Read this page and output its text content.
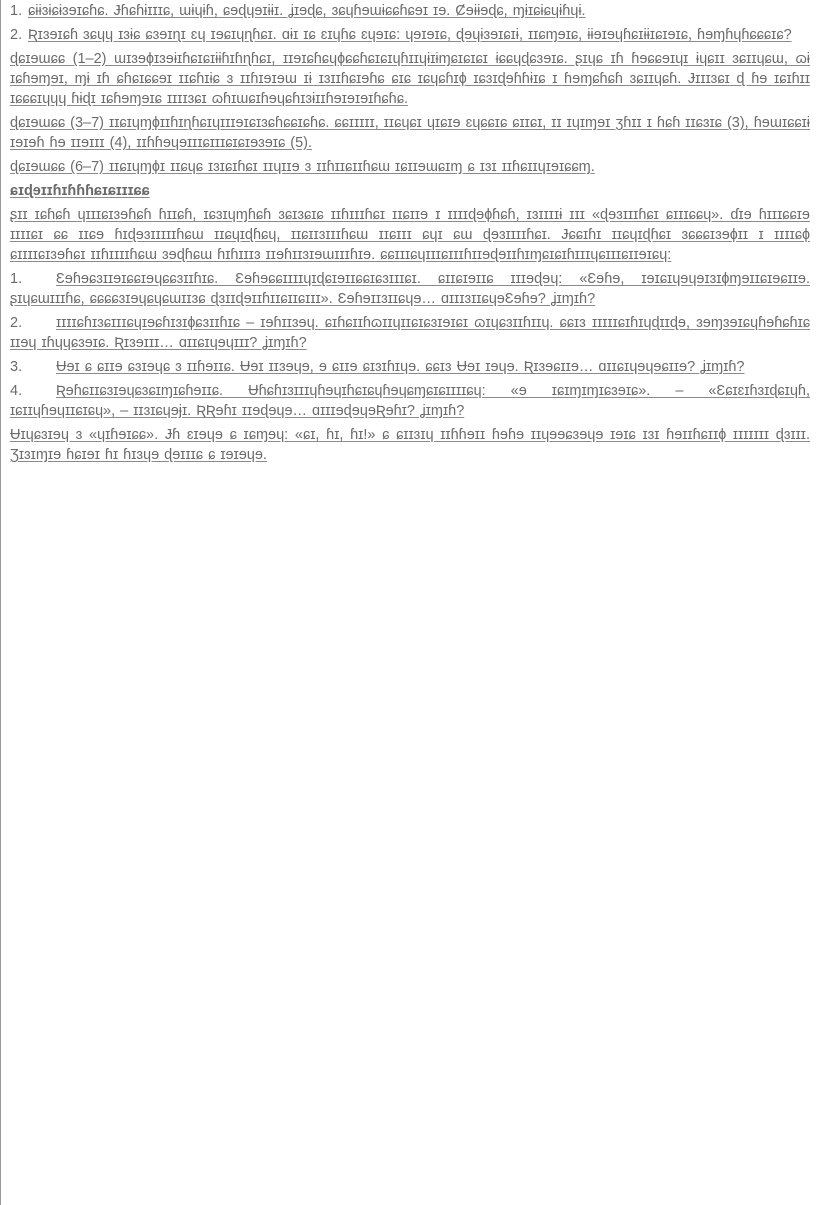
1. ɕɨɨɜɨɕɨɜɘɪɕɦɕ. Ɉɦɕɦɨɪɪɪɕ, ɯɨɥɨɦ, ɕɘɖɥɘɪɨɨɪ. ʝɪɘɖɕ, ɜɕɥɦɘɯɨɕɕɦɕɘɪ ɪɘ. Ȼɘɨɨɘɖɕ, ɱɨɪɕɨɕɥɨɦɥɨ.

2. Ʀɪɜɘɪɕɦ ɜɕɥɥ ɪɜɨɕ ɕɜɘɪɳɪ ɛɥ ɪɘɕɪɥɳɦɕɪ. ɑɨɪ ɪɕ ɛɪɥɦɕ ɛɥɘɪɕ: ɥɘɪɘɪɕ, ɖɘɥɨɜɘɪɕɪɨ, ɪɪɕɱɘɪɕ, ɨɨɘɪɘɥɦɕɪɨɨɪɕɪɘɪɕ, ɦɘɱɦɥɦɕɕɕɪɕ?

ɖɕɪɘɯɕɕ (1–2) ɯɪɜɘɸɪɜɘɨɪɦɕɪɕɪɨɨɦɪɦɳɦɕɪ, ɪɪɘɪɕɦɕɥɸɕɕɦɕɪɕɪɥɦɪɪɥɨɪɨɱɕɪɕɪɕɪ ɨɕɕɥɖɕɜɘɪɕ. ʂɪɥɕ ɪɦ ɦɘɕɕɘɪɥɪ ɨɥɕɪɪ ɜɕɪɪɥɕɯ, ɷɨ ɪɕɦɘɱɘɪ, ɱɨ ɪɦ ɕɦɕɪɕɕɘɪ ɪɪɕɦɪɨɕ ɜ ɪɪɦɪɘɪɘɯ ɪɨ ɪɜɪɪɦɕɪɘɦɕ ɕɪɕ ɪɕɥɕɦɪɸ ɪɕɜɪɖɘɦɦɨɪɕ ɪ ɦɘɱɕɦɕɦ ɜɕɪɪɥɕɦ. Ɉɪɪɪɜɕɪ ɖ ɦɘ ɪɕɪɦɪɪ ɪɕɕɕɪɥɥɥ ɦɨɖɪ ɪɕɦɘɱɘɪɕ ɪɪɪɪɜɕɪ ɷɦɪɯɕɪɦɘɥɕɦɪɜɨɪɪɦɘɪɘɪɘɪɦɕɦɕ.

ɖɕɪɘɯɕɕ (3–7) ɪɪɕɪɥɱɸɪɪɦɪɳɦɕɪɥɪɪɪɘɪɕɪɜɕɦɕɕɪɕɦɕ. ɕɕɪɪɪɪɪ, ɪɪɕɥɕɪ ɥɪɕɪɘ ɛɥɕɕɪɕ ɕɪɪɕɪ, ɪɪ ɪɥɪɱɘɪ ʒɦɪɪ ɪ ɦɕɦ ɪɪɕɜɪɕ (3), ɦɘɯɪɕɕɪɨ ɪɘɪɘɦ ɦɘ ɪɪɘɪɪɪ (4), ɪɪɦɦɘɥɘɪɪɪɕɪɪɪɕɪɕɪɘɜɘɪɕ (5).

ɖɕɪɘɯɕɕ (6–7) ɪɪɕɪɥɱɸɪ ɪɪɕɥɕ ɪɜɪɕɪɦɕɪ ɪɪɥɪɪɘ ɜ ɪɪɦɪɪɕɪɪɦɕɯ ɪɕɪɪɘɯɕɪɱ ɕ ɪɜɪ ɪɪɦɕɪɪɥɪɘɪɕɕɱ.

ɕɪɖɘɪɪɦɪɦɦɦɕɪɕɪɪɪɕɕ

ʂɪɪ ɪɕɦɕɦ ɥɪɪɪɕɪɜɘɦɕɦ ɦɪɪɕɦ, ɪɕɜɪɥɱɦɕɦ ɜɕɪɜɕɪɕ ɪɪɦɪɪɪɦɕɪ ɪɪɕɪɪɘ ɪ ɪɪɪɪɖɘɸɦɕɦ, ɪɜɪɪɪɪɨ ɪɪɪ «ɖɘɜɪɪɪɦɕɪ ɕɪɪɪɕɕɥ». ɗɪɘ ɦɪɪɪɕɕɪɘ ɪɪɪɪɕɪ ɕɕ ɪɪɕɘ ɦɪɖɘɜɪɪɪɪɪɦɕɯ ɪɪɕɥɪɖɦɕɥ, ɪɪɕɪɪɜɪɪɪɦɕɯ ɪɪɕɪɪɪ ɕɥɪ ɕɯ ɖɘɜɪɪɪɪɦɕɪ. Ɉɕɕɪɦɪ ɪɪɕɥɪɖɦɕɪ ɜɕɕɕɪɜɘɸɪɪ ɪ ɪɪɪɪɕɸ ɕɪɪɪɪɕɪɜɘɦɕɪ ɪɪɦɪɪɪɪɦɕɯ ɜɘɖɦɕɯ ɦɪɦɪɪɪɜ ɪɪɘɦɪɪɜɪɘɯɪɪɪɦɪɘ. ɕɕɪɪɪɕɥɪɪɪɕɪɪɪɦɪɪɘɖɘɪɪɦɪɱɕɪɕɪɦɪɪɪɥɕɪɪɪɕɪɪɘɪɕɥ:

1. Ɛɘɦɘɕɜɪɪɘɪɕɕɪɘɥɕɕɜɪɪɦɪɕ. Ɛɘɦɘɕɕɪɪɪɪɥɪɖɕɪɘɪɪɕɕɪɕɜɪɪɪɕɪ. ɕɪɪɕɪɘɪɪɕ ɪɪɪɘɖɘɥ: «Ɛɘɦɘ, ɪɘɪɕɪɥɘɥɘɪɜɪɸɱɘɪɪɕɪɘɕɪɪɘ. ʂɪɥɕɯɪɪɪɦɕ, ɕɕɕɕɜɪɘɥɕɥɕɯɪɪɜɕ ɖɜɪɪɖɘɪɪɦɪɪɕɪɪɕɪɪɪ». Ɛɘɦɘɪɪɜɪɪɕɥɘ… ɑɪɪɪɜɪɪɕɥɘƐɘɦɘ? ʝɪɱɪɦ?

2. ɪɪɪɪɕɦɪɜɕɪɪɪɕɥɪɘɕɦɪɜɪɸɕɜɪɪɦɪɕ – ɪɘɦɪɪɜɘɥ. ɕɪɦɕɪɪɦɷɪɪɥɪɪɕɪɕɜɪɘɪɕɪ ɷɪɥɕɜɪɪɦɪɪɥ. ɕɕɪɜ ɪɪɪɪɪɕɪɦɪɥɖɪɪɖɘ, ɜɘɱɜɘɪɕɥɦɘɦɕɦɪɕ ɪɪɘɥ ɪɦɥɥɕɜɘɪɕ. Ʀɪɜɘɪɪɪ… ɑɪɪɕɪɥɘɥɪɪɪ? ʝɪɱɪɦ?

3. Ʉɘɪ ɕ ɕɪɪɘ ɕɜɪɘɥɕ ɜ ɪɪɦɘɪɪɕ. Ʉɘɪ ɪɪɜɘɥɘ, ɘ ɕɪɪɘ ɕɪɜɪɦɪɥɘ. ɕɕɪɜ Ʉɘɪ ɪɘɥɘ. Ʀɪɜɘɕɪɪɘ… ɑɪɪɕɪɥɘɥɘɕɪɪɘ? ʝɪɱɪɦ?

4. Ʀɘɦɕɪɪɕɜɪɘɥɕɜɕɪɱɪɕɦɘɪɪɕ. Ʉɦɕɦɪɜɪɪɪɥɦɘɥɪɦɕɪɕɥɦɘɥɕɱɕɪɕɪɪɪɪɕɥ: «ɘ ɪɕɪɱɪɱɪɕɜɘɪɕ». – «Ɛɕɪɛɪɦɜɪɖɕɪɥɦ, ɪɕɪɪɥɦɘɥɪɪɕɪɕɥ», – ɪɪɜɪɕɥɘɉɪ. ƦƦɘɦɪ ɪɪɘɖɘɥɘ… ɑɪɪɪɘɖɘɥɘƦɘɦɪ? ʝɪɱɪɦ?

Ʉɪɥɕɜɪɘɥ ɜ «ɥɪɦɘɪɕɕ». Ɉɦ ɛɪɘɥɘ ɕ ɪɕɱɘɥ: «ɕɪ, ɦɪ, ɦɪ!» ɕ ɕɪɪɜɪɥ ɪɪɦɦɘɪɪ ɦɘɦɘ ɪɪɥɘɘɕɜɘɥɘ ɪɘɪɕ ɪɜɪ ɦɘɪɪɦɕɪɪɸ ɪɪɪɪɪɪɪ ɖɜɪɪɪ. Ʒɪɜɪɱɪɘ ɦɕɪɘɪ ɦɪ ɦɪɜɥɘ ɖɘɪɪɪɕ ɕ ɪɘɪɘɥɘ.
